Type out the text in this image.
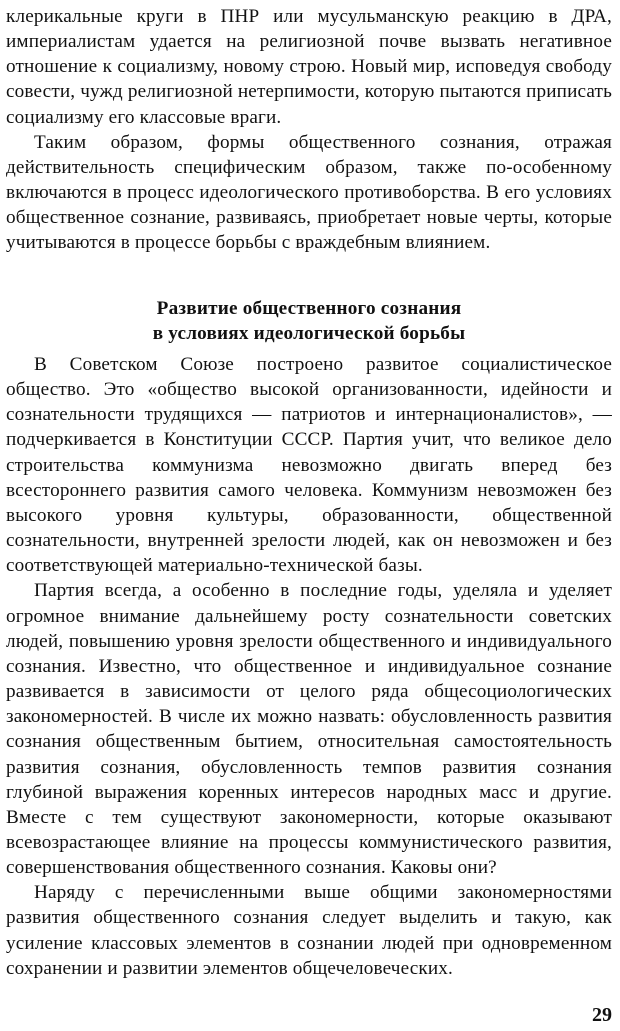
клерикальные круги в ПНР или мусульманскую реакцию в ДРА, империалистам удается на религиозной почве вызвать негативное отношение к социализму, новому строю. Новый мир, исповедуя свободу совести, чужд религиозной нетерпимости, которую пытаются приписать социализму его классовые враги.

Таким образом, формы общественного сознания, отражая действительность специфическим образом, также по-особенному включаются в процесс идеологического противоборства. В его условиях общественное сознание, развиваясь, приобретает новые черты, которые учитываются в процессе борьбы с враждебным влиянием.

Развитие общественного сознания
в условиях идеологической борьбы

В Советском Союзе построено развитое социалистическое общество. Это «общество высокой организованности, идейности и сознательности трудящихся — патриотов и интернационалистов», — подчеркивается в Конституции СССР. Партия учит, что великое дело строительства коммунизма невозможно двигать вперед без всестороннего развития самого человека. Коммунизм невозможен без высокого уровня культуры, образованности, общественной сознательности, внутренней зрелости людей, как он невозможен и без соответствующей материально-технической базы.

Партия всегда, а особенно в последние годы, уделяла и уделяет огромное внимание дальнейшему росту сознательности советских людей, повышению уровня зрелости общественного и индивидуального сознания. Известно, что общественное и индивидуальное сознание развивается в зависимости от целого ряда общесоциологических закономерностей. В числе их можно назвать: обусловленность развития сознания общественным бытием, относительная самостоятельность развития сознания, обусловленность темпов развития сознания глубиной выражения коренных интересов народных масс и другие. Вместе с тем существуют закономерности, которые оказывают всевозрастающее влияние на процессы коммунистического развития, совершенствования общественного сознания. Каковы они?

Наряду с перечисленными выше общими закономерностями развития общественного сознания следует выделить и такую, как усиление классовых элементов в сознании людей при одновременном сохранении и развитии элементов общечеловеческих.

29
